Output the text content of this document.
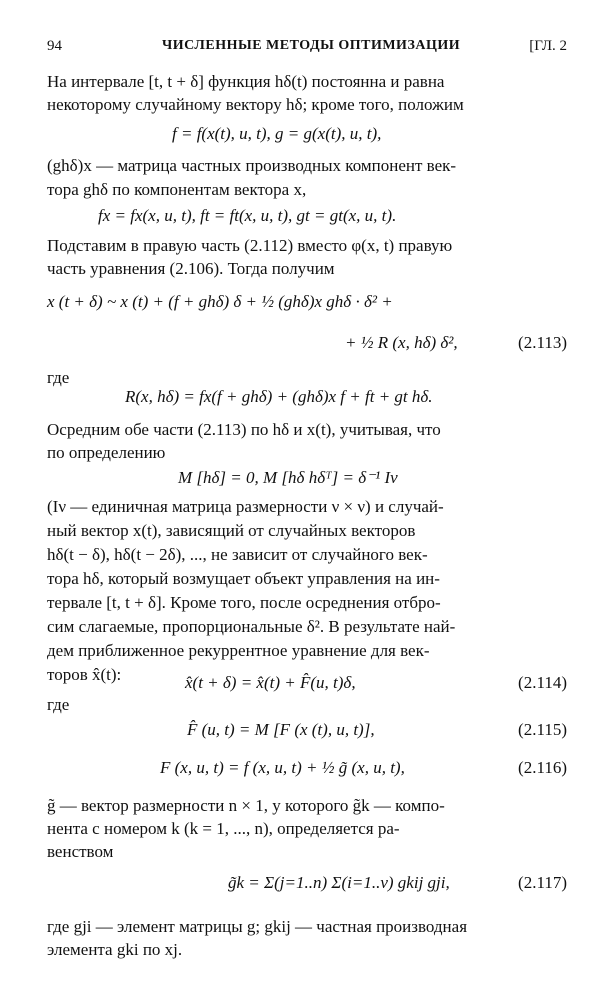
94	ЧИСЛЕННЫЕ МЕТОДЫ ОПТИМИЗАЦИИ	[ГЛ. 2
На интервале [t, t + δ] функция hδ(t) постоянна и равна
некоторому случайному вектору hδ; кроме того, положим
f = f(x(t), u, t), g = g(x(t), u, t),
(ghδ)x — матрица частных производных компонент век-
тора ghδ по компонентам вектора x,
fx = fx(x, u, t), ft = ft(x, u, t), gt = gt(x, u, t).
Подставим в правую часть (2.112) вместо φ(x, t) правую
часть уравнения (2.106). Тогда получим
x (t + δ) ~ x (t) + (f + ghδ) δ + ½ (ghδ)x ghδ · δ² +
+ ½ R (x, hδ) δ²,	(2.113)
где
R(x, hδ) = fx(f + ghδ) + (ghδ)x f + ft + gt hδ.
Осредним обе части (2.113) по hδ и x(t), учитывая, что
по определению
M [hδ] = 0, M [hδ hδᵀ] = δ⁻¹ Iν
(Iν — единичная матрица размерности ν × ν) и случай-
ный вектор x(t), зависящий от случайных векторов
hδ(t − δ), hδ(t − 2δ), ..., не зависит от случайного век-
тора hδ, который возмущает объект управления на ин-
тервале [t, t + δ]. Кроме того, после осреднения отбро-
сим слагаемые, пропорциональные δ². В результате най-
дем приближенное рекуррентное уравнение для век-
торов x̂(t):	x̂(t + δ) = x̂(t) + F̂(u, t)δ,	(2.114)
где
F̂ (u, t) = M [F (x (t), u, t)],	(2.115)
F (x, u, t) = f (x, u, t) + ½ g̃ (x, u, t),	(2.116)
g̃ — вектор размерности n × 1, у которого g̃k — компо-
нента с номером k (k = 1, ..., n), определяется ра-
венством
g̃k = Σ(j=1..n) Σ(i=1..ν) gkij gji,	(2.117)
где gji — элемент матрицы g; gkij — частная производная
элемента gki по xj.
